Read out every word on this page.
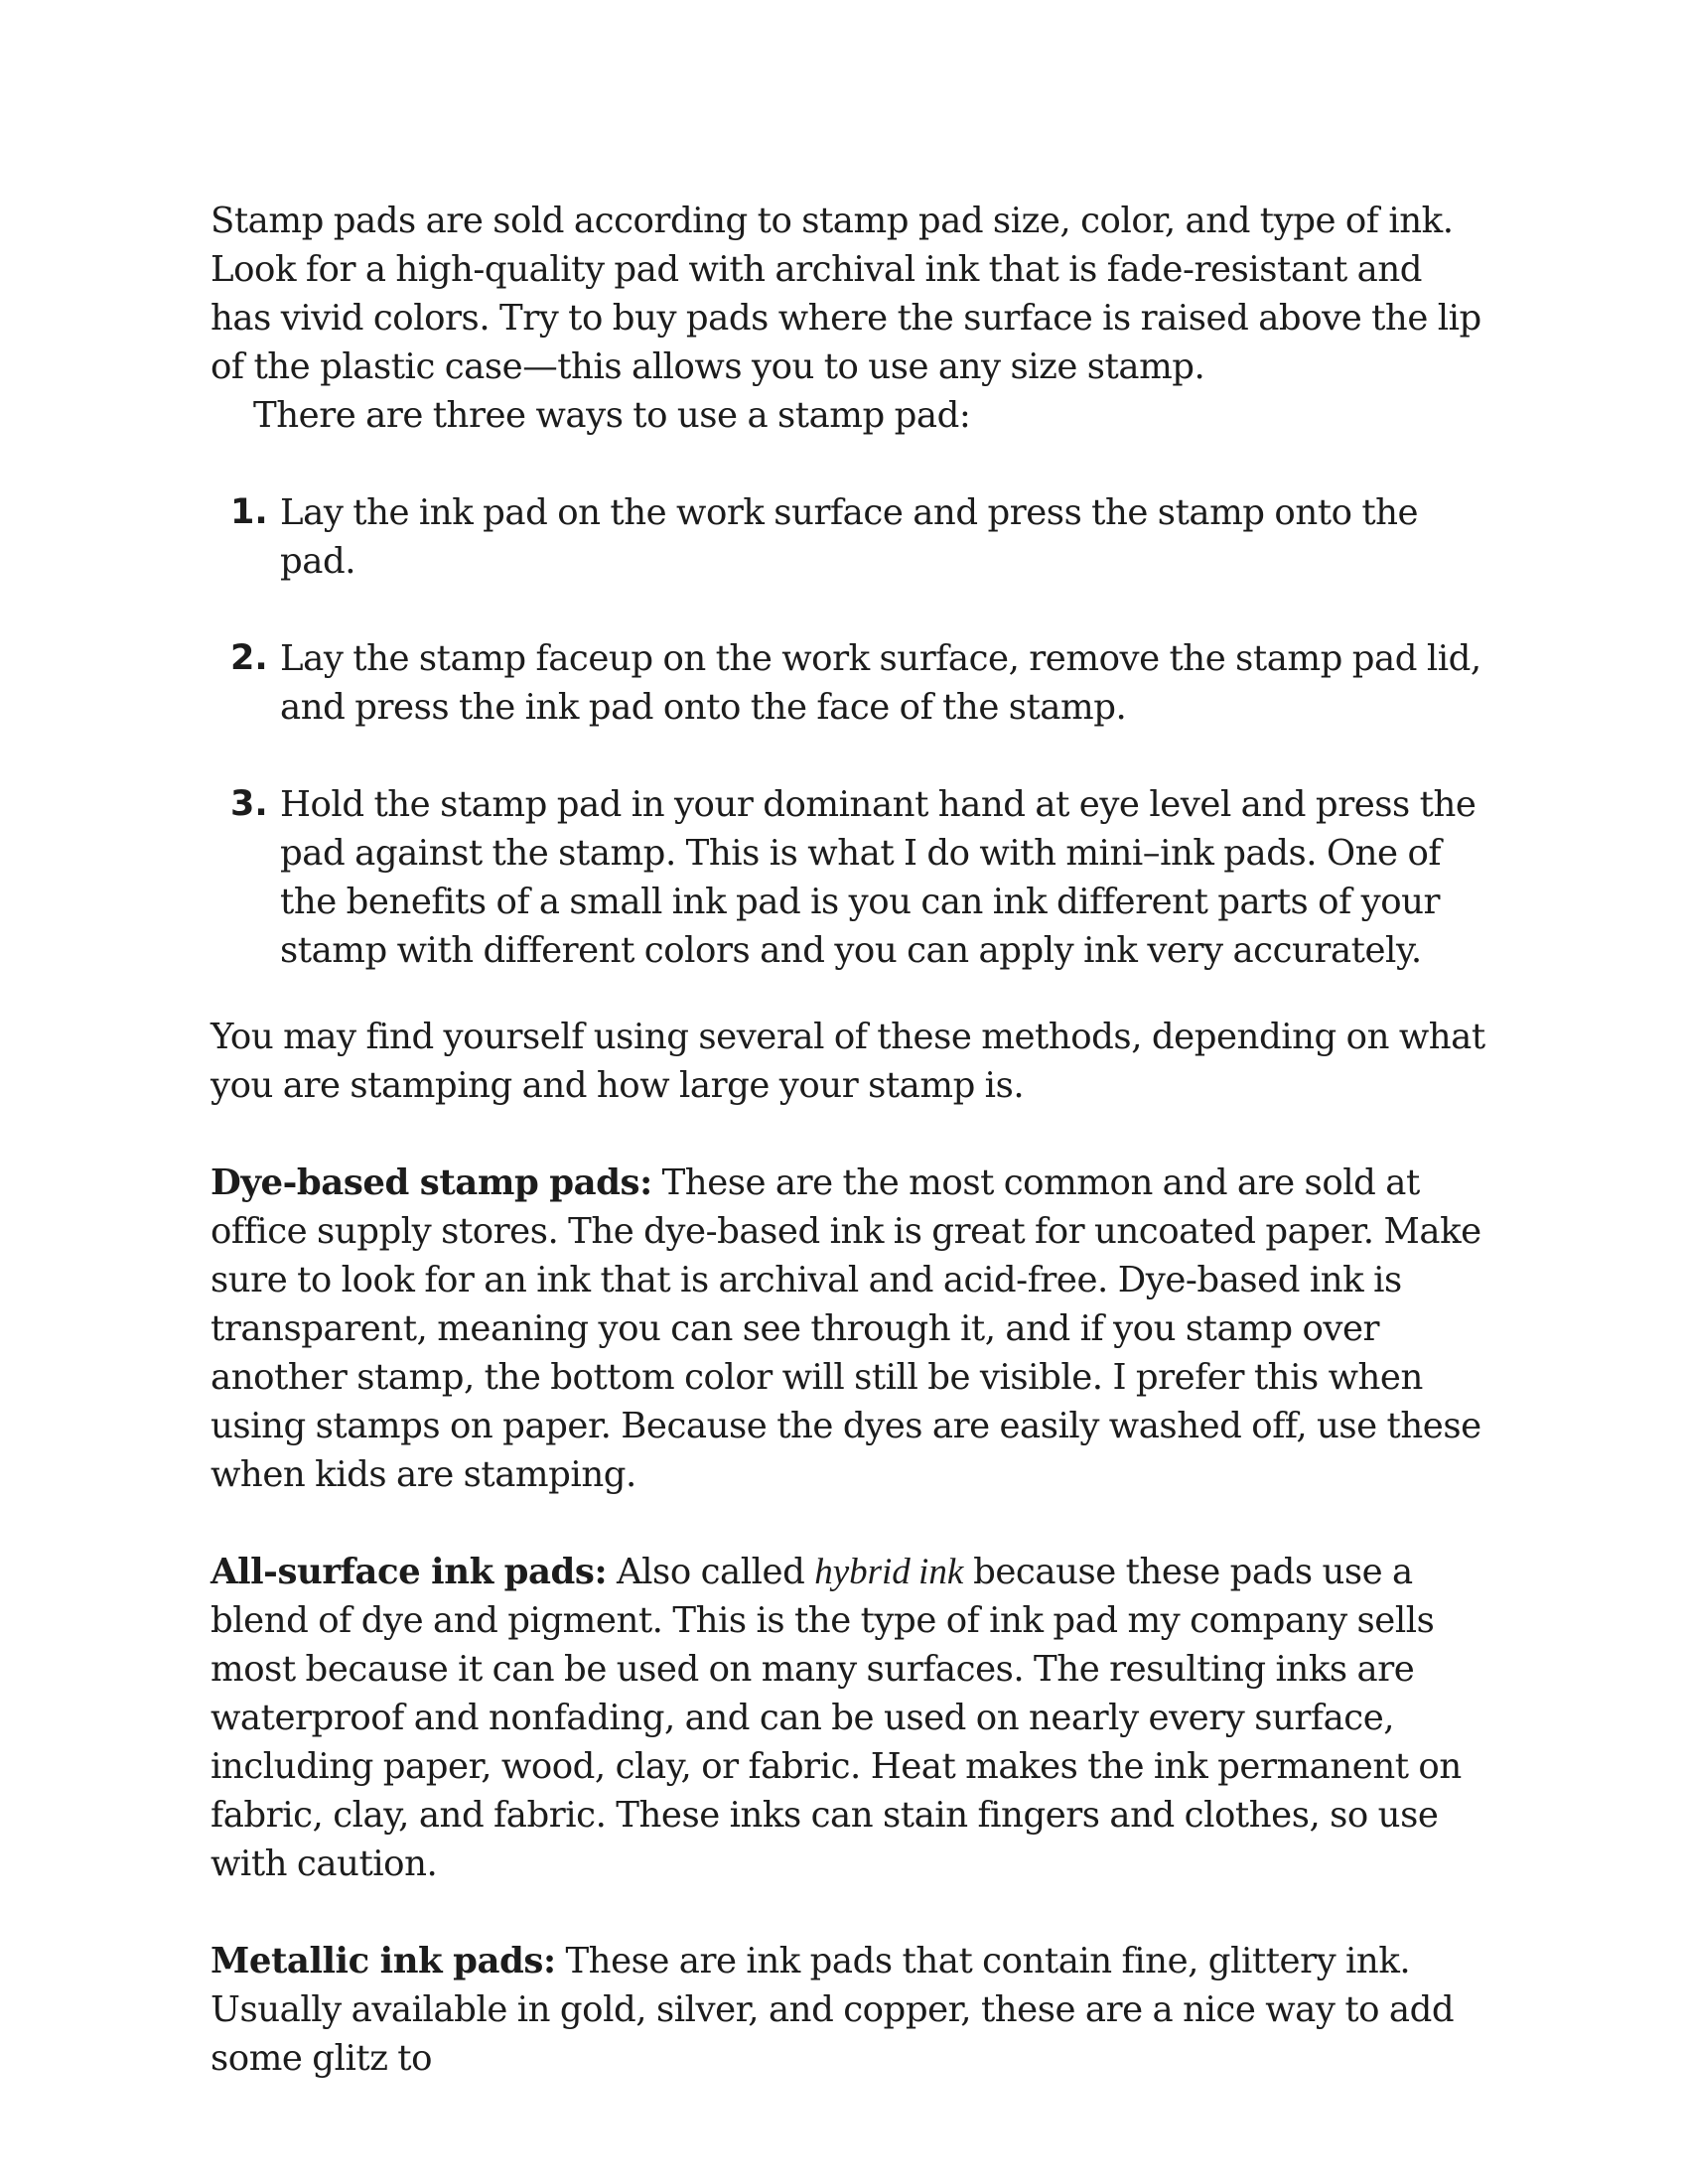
Stamp pads are sold according to stamp pad size, color, and type of ink. Look for a high-quality pad with archival ink that is fade-resistant and has vivid colors. Try to buy pads where the surface is raised above the lip of the plastic case—this allows you to use any size stamp.

There are three ways to use a stamp pad:

1. Lay the ink pad on the work surface and press the stamp onto the pad.
2. Lay the stamp faceup on the work surface, remove the stamp pad lid, and press the ink pad onto the face of the stamp.
3. Hold the stamp pad in your dominant hand at eye level and press the pad against the stamp. This is what I do with mini–ink pads. One of the benefits of a small ink pad is you can ink different parts of your stamp with different colors and you can apply ink very accurately.

You may find yourself using several of these methods, depending on what you are stamping and how large your stamp is.

Dye-based stamp pads: These are the most common and are sold at office supply stores. The dye-based ink is great for uncoated paper. Make sure to look for an ink that is archival and acid-free. Dye-based ink is transparent, meaning you can see through it, and if you stamp over another stamp, the bottom color will still be visible. I prefer this when using stamps on paper. Because the dyes are easily washed off, use these when kids are stamping.

All-surface ink pads: Also called hybrid ink because these pads use a blend of dye and pigment. This is the type of ink pad my company sells most because it can be used on many surfaces. The resulting inks are waterproof and nonfading, and can be used on nearly every surface, including paper, wood, clay, or fabric. Heat makes the ink permanent on fabric, clay, and fabric. These inks can stain fingers and clothes, so use with caution.

Metallic ink pads: These are ink pads that contain fine, glittery ink. Usually available in gold, silver, and copper, these are a nice way to add some glitz to
